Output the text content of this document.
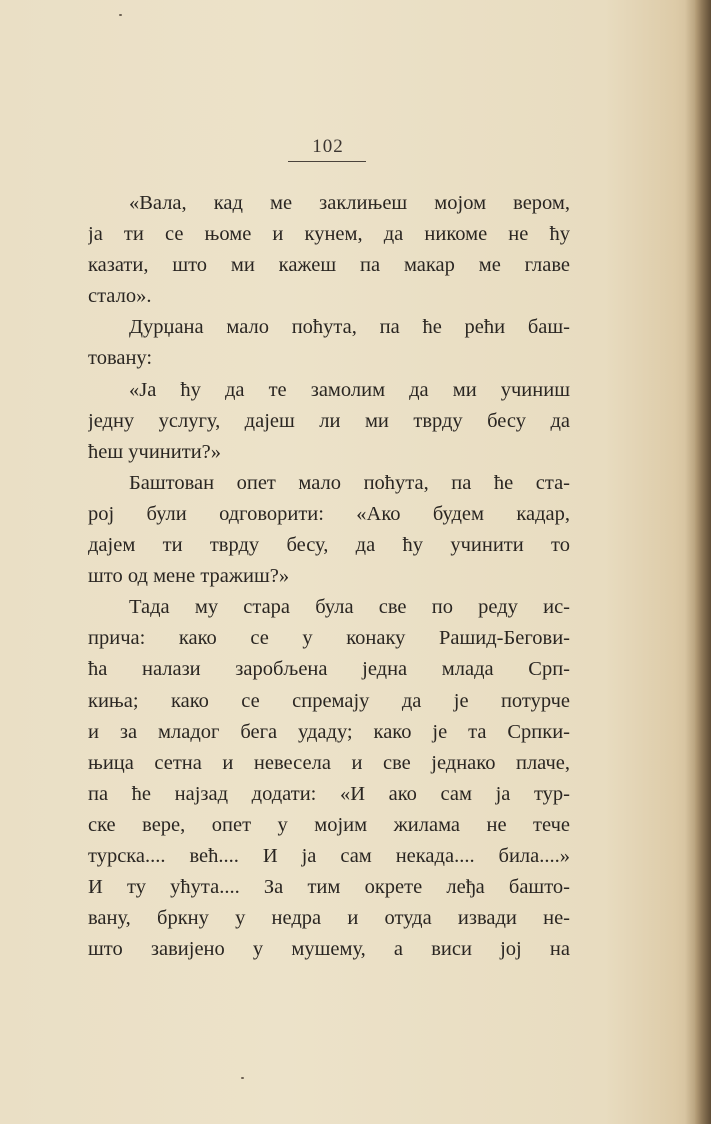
102
«Вала, кад ме заклињеш мојом вером,
ја ти се њоме и кунем, да никоме не ћу
казати, што ми кажеш па макар ме главе
стало».
Дурџана мало поћута, па ће рећи баш-
товану:
«Ја ћу да те замолим да ми учиниш
једну услугу, дајеш ли ми тврду бесу да
ћеш учинити?»
Баштован опет мало поћута, па ће ста-
рој були одговорити: «Ако будем кадар,
дајем ти тврду бесу, да ћу учинити то
што од мене тражиш?»
Тада му стара була све по реду ис-
прича: како се у конаку Рашид-Бегови-
ћа налази заробљена једна млада Срп-
киња; како се спремају да је потурче
и за младог бега удаду; како је та Српки-
њица сетна и невесела и све једнако плаче,
па ће најзад додати: «И ако сам ја тур-
ске вере, опет у мојим жилама не тече
турска.... већ.... И ја сам некада.... била....»
И ту ућута.... За тим окрете леђа башто-
вану, бркну у недра и отуда извади не-
што завијено у мушему, а виси јој на
